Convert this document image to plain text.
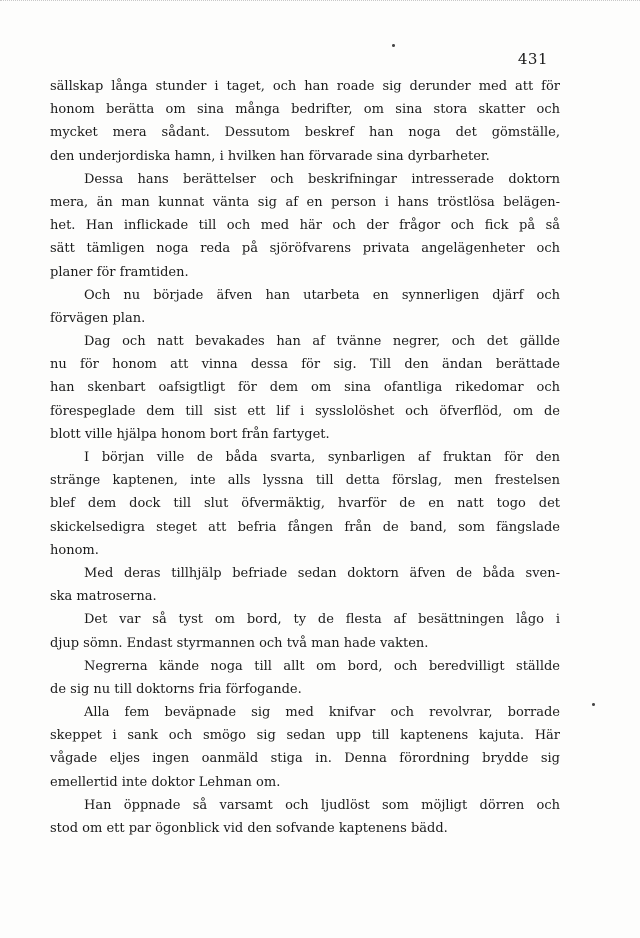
431
sällskap långa stunder i taget, och han roade sig derunder med att för
honom berätta om sina många bedrifter, om sina stora skatter och
mycket mera sådant. Dessutom beskref han noga det gömställe,
den underjordiska hamn, i hvilken han förvarade sina dyrbarheter.
Dessa hans berättelser och beskrifningar intresserade doktorn
mera, än man kunnat vänta sig af en person i hans tröstlösa belägen-
het. Han inflickade till och med här och der frågor och fick på så
sätt tämligen noga reda på sjöröfvarens privata angelägenheter och
planer för framtiden.
Och nu började äfven han utarbeta en synnerligen djärf och
förvägen plan.
Dag och natt bevakades han af tvänne negrer, och det gällde
nu för honom att vinna dessa för sig. Till den ändan berättade
han skenbart oafsigtligt för dem om sina ofantliga rikedomar och
förespeglade dem till sist ett lif i sysslolöshet och öfverflöd, om de
blott ville hjälpa honom bort från fartyget.
I början ville de båda svarta, synbarligen af fruktan för den
stränge kaptenen, inte alls lyssna till detta förslag, men frestelsen
blef dem dock till slut öfvermäktig, hvarför de en natt togo det
skickelsedigra steget att befria fången från de band, som fängslade
honom.
Med deras tillhjälp befriade sedan doktorn äfven de båda sven-
ska matroserna.
Det var så tyst om bord, ty de flesta af besättningen lågo i
djup sömn. Endast styrmannen och två man hade vakten.
Negrerna kände noga till allt om bord, och beredvilligt ställde
de sig nu till doktorns fria förfogande.
Alla fem beväpnade sig med knifvar och revolvrar, borrade
skeppet i sank och smögo sig sedan upp till kaptenens kajuta. Här
vågade eljes ingen oanmäld stiga in. Denna förordning brydde sig
emellertid inte doktor Lehman om.
Han öppnade så varsamt och ljudlöst som möjligt dörren och
stod om ett par ögonblick vid den sofvande kaptenens bädd.
